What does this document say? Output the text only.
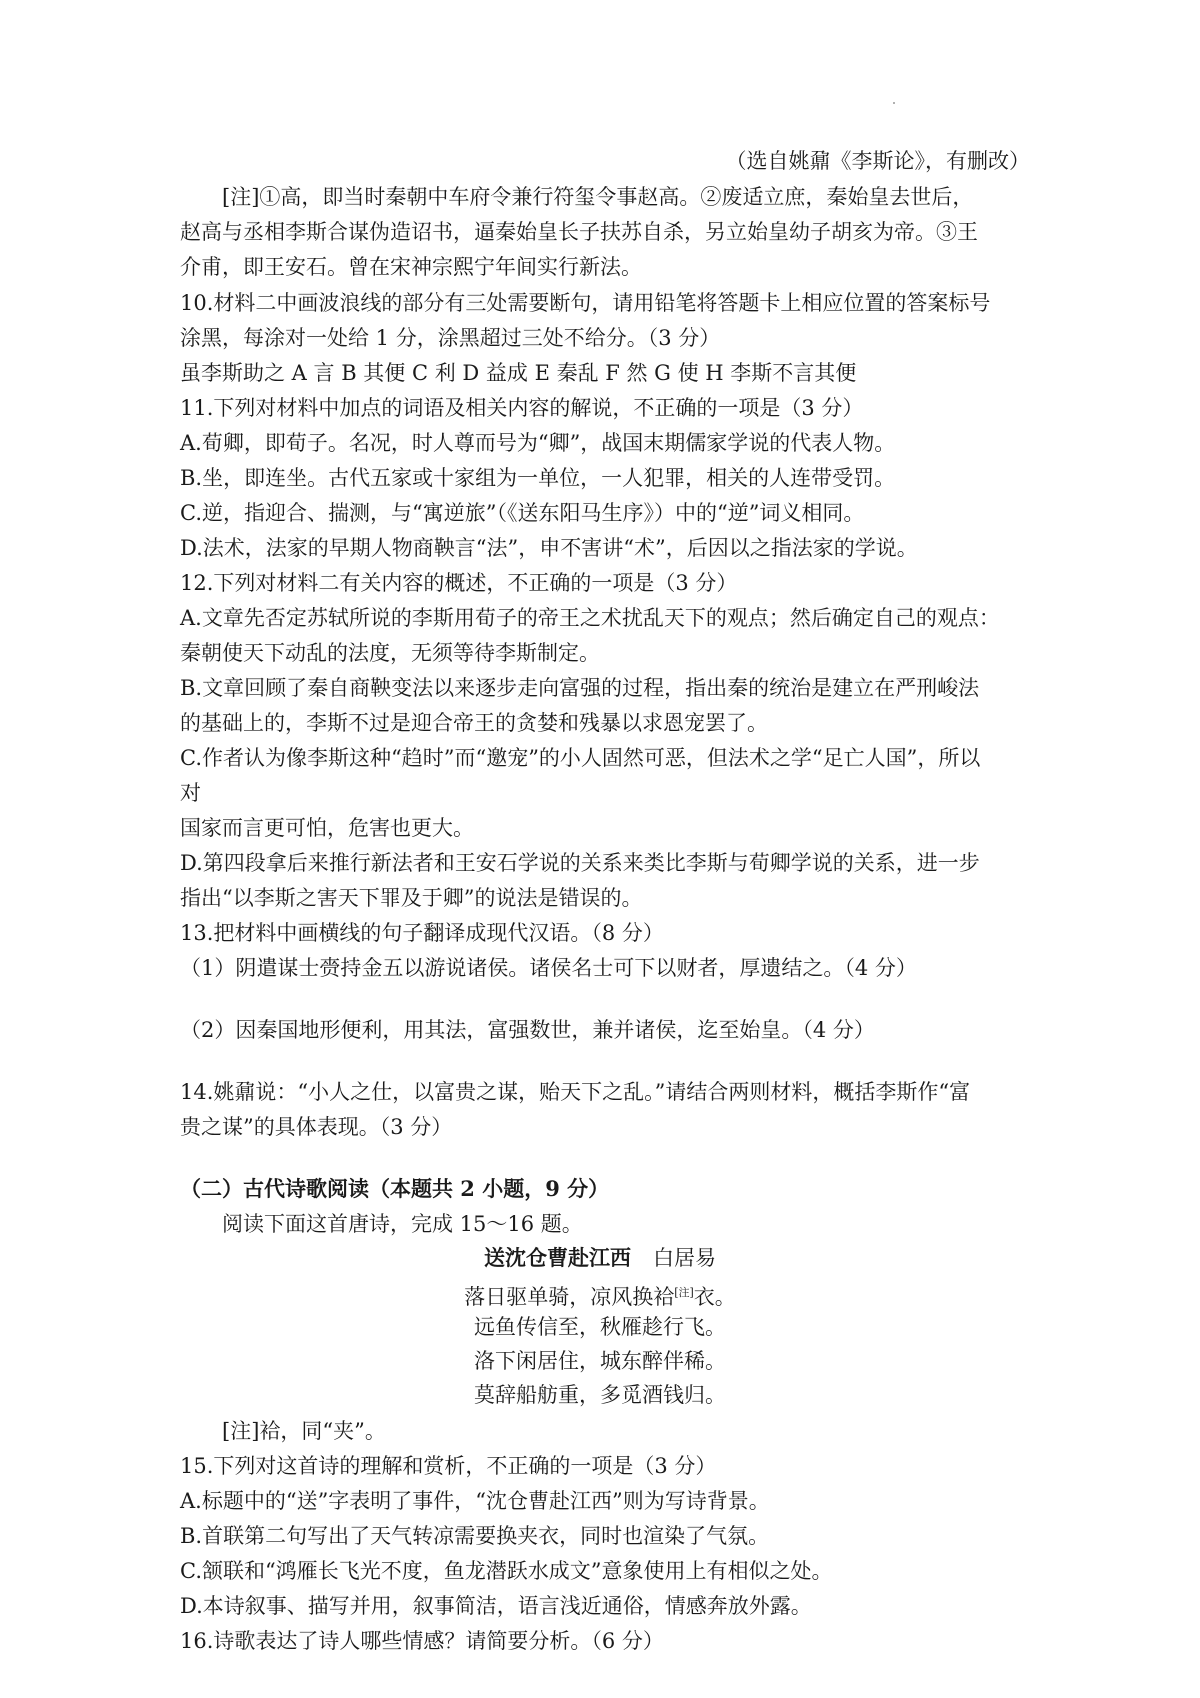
（选自姚鼐《李斯论》，有删改）
[注]①高，即当时秦朝中车府令兼行符玺令事赵高。②废适立庶，秦始皇去世后，
赵高与丞相李斯合谋伪造诏书，逼秦始皇长子扶苏自杀，另立始皇幼子胡亥为帝。③王
介甫，即王安石。曾在宋神宗熙宁年间实行新法。
10.材料二中画波浪线的部分有三处需要断句，请用铅笔将答题卡上相应位置的答案标号
涂黑，每涂对一处给 1 分，涂黑超过三处不给分。（3 分）
虽李斯助之 A 言 B 其便 C 利 D 益成 E 秦乱 F 然 G 使 H 李斯不言其便
11.下列对材料中加点的词语及相关内容的解说，不正确的一项是（3 分）
A.荀卿，即荀子。名况，时人尊而号为“卿”，战国末期儒家学说的代表人物。
B.坐，即连坐。古代五家或十家组为一单位，一人犯罪，相关的人连带受罚。
C.逆，指迎合、揣测，与“寓逆旅”（《送东阳马生序》）中的“逆”词义相同。
D.法术，法家的早期人物商鞅言“法”，申不害讲“术”，后因以之指法家的学说。
12.下列对材料二有关内容的概述，不正确的一项是（3 分）
A.文章先否定苏轼所说的李斯用荀子的帝王之术扰乱天下的观点；然后确定自己的观点：
秦朝使天下动乱的法度，无须等待李斯制定。
B.文章回顾了秦自商鞅变法以来逐步走向富强的过程，指出秦的统治是建立在严刑峻法
的基础上的，李斯不过是迎合帝王的贪婪和残暴以求恩宠罢了。
C.作者认为像李斯这种“趋时”而“邀宠”的小人固然可恶，但法术之学“足亡人国”，所以
对
国家而言更可怕，危害也更大。
D.第四段拿后来推行新法者和王安石学说的关系来类比李斯与荀卿学说的关系，进一步
指出“以李斯之害天下罪及于卿”的说法是错误的。
13.把材料中画横线的句子翻译成现代汉语。（8 分）
（1）阴遣谋士赍持金五以游说诸侯。诸侯名士可下以财者，厚遗结之。（4 分）
（2）因秦国地形便利，用其法，富强数世，兼并诸侯，迄至始皇。（4 分）
14.姚鼐说：“小人之仕，以富贵之谋，贻天下之乱。”请结合两则材料，概括李斯作“富
贵之谋”的具体表现。（3 分）
（二）古代诗歌阅读（本题共 2 小题，9 分）
阅读下面这首唐诗，完成 15～16 题。
送沈仓曹赴江西 白居易
落日驱单骑，凉风换袷[注]衣。
远鱼传信至，秋雁趁行飞。
洛下闲居住，城东醉伴稀。
莫辞船舫重，多觅酒钱归。
[注]袷，同“夹”。
15.下列对这首诗的理解和赏析，不正确的一项是（3 分）
A.标题中的“送”字表明了事件，“沈仓曹赴江西”则为写诗背景。
B.首联第二句写出了天气转凉需要换夹衣，同时也渲染了气氛。
C.颔联和“鸿雁长飞光不度，鱼龙潜跃水成文”意象使用上有相似之处。
D.本诗叙事、描写并用，叙事简洁，语言浅近通俗，情感奔放外露。
16.诗歌表达了诗人哪些情感？请简要分析。（6 分）
